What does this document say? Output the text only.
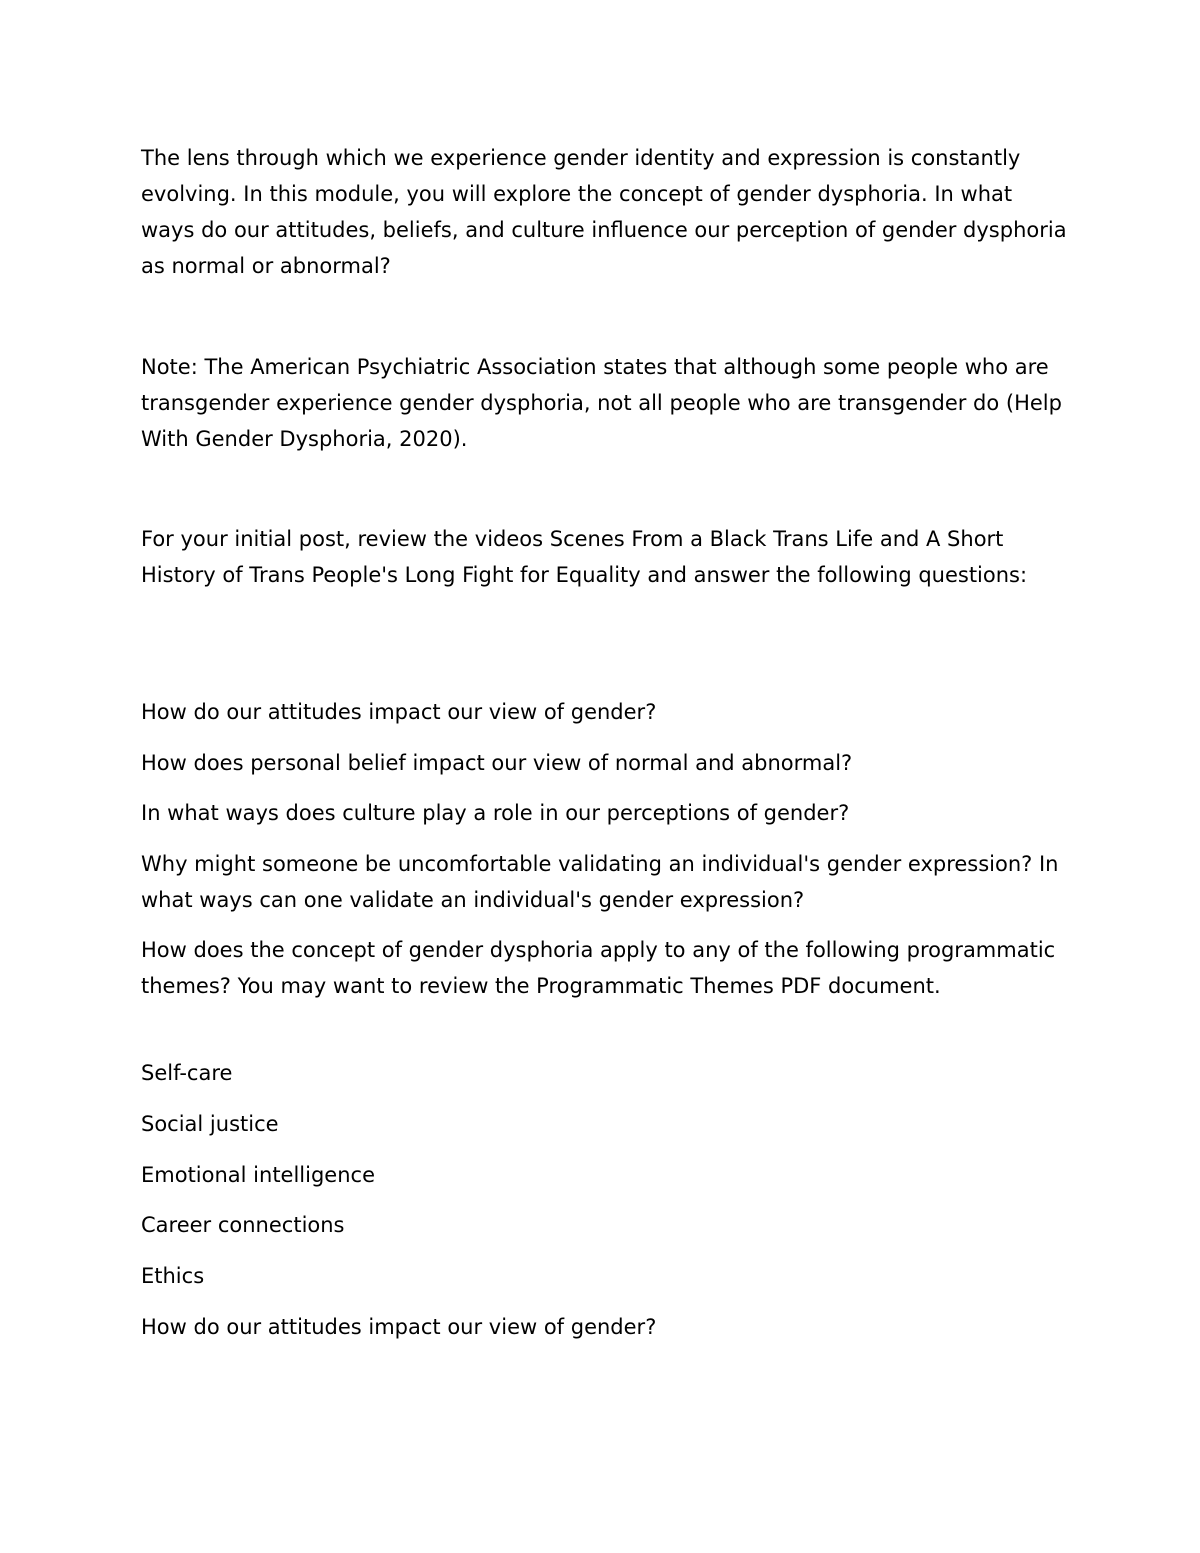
The lens through which we experience gender identity and expression is constantly evolving. In this module, you will explore the concept of gender dysphoria. In what ways do our attitudes, beliefs, and culture influence our perception of gender dysphoria as normal or abnormal?

Note: The American Psychiatric Association states that although some people who are transgender experience gender dysphoria, not all people who are transgender do (Help With Gender Dysphoria, 2020).

For your initial post, review the videos Scenes From a Black Trans Life and A Short History of Trans People's Long Fight for Equality and answer the following questions:

How do our attitudes impact our view of gender?

How does personal belief impact our view of normal and abnormal?

In what ways does culture play a role in our perceptions of gender?

Why might someone be uncomfortable validating an individual's gender expression? In what ways can one validate an individual's gender expression?

How does the concept of gender dysphoria apply to any of the following programmatic themes? You may want to review the Programmatic Themes PDF document.

Self-care

Social justice

Emotional intelligence

Career connections

Ethics

How do our attitudes impact our view of gender?
